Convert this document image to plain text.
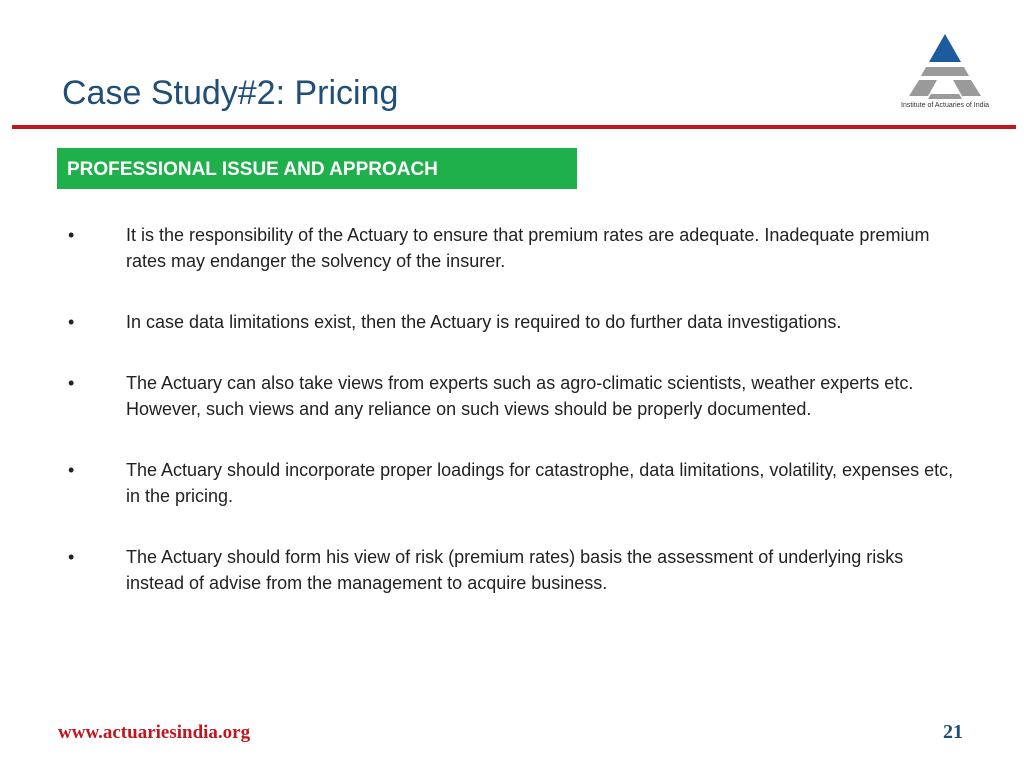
Case Study#2: Pricing	Institute of Actuaries of India
PROFESSIONAL ISSUE AND APPROACH
•	It is the responsibility of the Actuary to ensure that premium rates are adequate. Inadequate premium rates may endanger the solvency of the insurer.
•	In case data limitations exist, then the Actuary is required to do further data investigations.
•	The Actuary can also take views from experts such as agro-climatic scientists, weather experts etc. However, such views and any reliance on such views should be properly documented.
•	The Actuary should incorporate proper loadings for catastrophe, data limitations, volatility, expenses etc, in the pricing.
•	The Actuary should form his view of risk (premium rates) basis the assessment of underlying risks instead of advise from the management to acquire business.
www.actuariesindia.org	21
